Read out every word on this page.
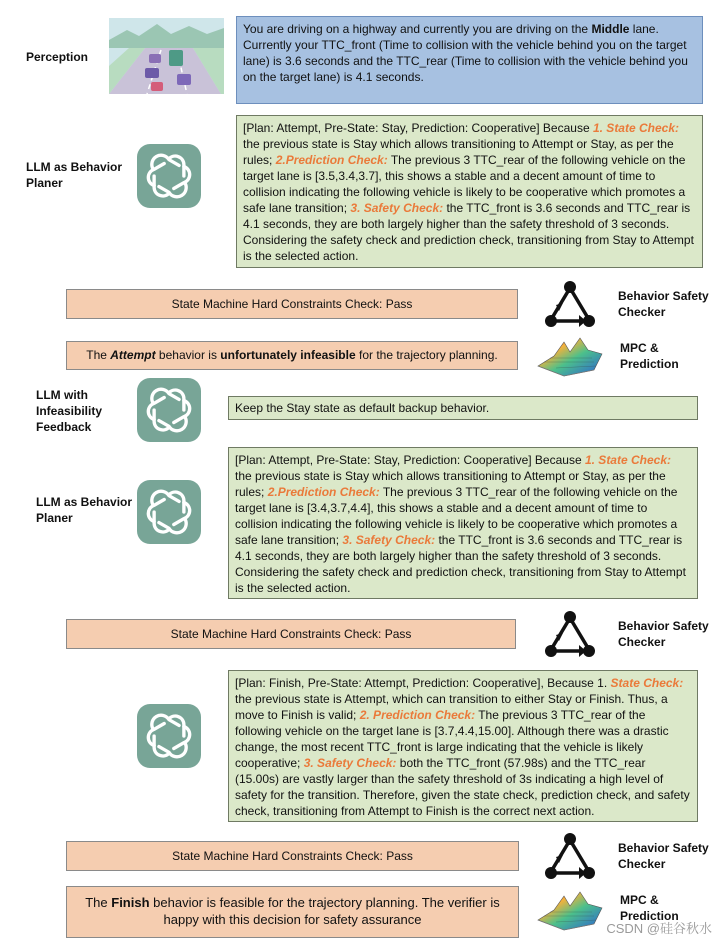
Perception
You are driving on a highway and currently you are driving on the Middle lane. Currently your TTC_front (Time to collision with the vehicle behind you on the target lane) is 3.6 seconds and the TTC_rear (Time to collision with the vehicle behind you on the target lane) is 4.1 seconds.
LLM as Behavior Planer
[Plan: Attempt, Pre-State: Stay, Prediction: Cooperative] Because 1. State Check: the previous state is Stay which allows transitioning to Attempt or Stay, as per the rules; 2.Prediction Check: The previous 3 TTC_rear of the following vehicle on the target lane is [3.5,3.4,3.7], this shows a stable and a decent amount of time to collision indicating the following vehicle is likely to be cooperative which promotes a safe lane transition; 3. Safety Check: the TTC_front is 3.6 seconds and TTC_rear is 4.1 seconds, they are both largely higher than the safety threshold of 3 seconds. Considering the safety check and prediction check, transitioning from Stay to Attempt is the selected action.
State Machine Hard Constraints Check: Pass
Behavior Safety Checker
The Attempt behavior is unfortunately infeasible for the trajectory planning.	MPC & Prediction
LLM with Infeasibility Feedback
Keep the Stay state as default backup behavior.
LLM as Behavior Planer
[Plan: Attempt, Pre-State: Stay, Prediction: Cooperative] Because 1. State Check: the previous state is Stay which allows transitioning to Attempt or Stay, as per the rules; 2.Prediction Check: The previous 3 TTC_rear of the following vehicle on the target lane is [3.4,3.7,4.4], this shows a stable and a decent amount of time to collision indicating the following vehicle is likely to be cooperative which promotes a safe lane transition; 3. Safety Check: the TTC_front is 3.6 seconds and TTC_rear is 4.1 seconds, they are both largely higher than the safety threshold of 3 seconds. Considering the safety check and prediction check, transitioning from Stay to Attempt is the selected action.
State Machine Hard Constraints Check: Pass
Behavior Safety Checker
[Plan: Finish, Pre-State: Attempt, Prediction: Cooperative], Because 1. State Check: the previous state is Attempt, which can transition to either Stay or Finish. Thus, a move to Finish is valid; 2. Prediction Check: The previous 3 TTC_rear of the following vehicle on the target lane is [3.7,4.4,15.00]. Although there was a drastic change, the most recent TTC_front is large indicating that the vehicle is likely cooperative; 3. Safety Check: both the TTC_front (57.98s) and the TTC_rear (15.00s) are vastly larger than the safety threshold of 3s indicating a high level of safety for the transition. Therefore, given the state check, prediction check, and safety check, transitioning from Attempt to Finish is the correct next action.
State Machine Hard Constraints Check: Pass
Behavior Safety Checker
The Finish behavior is feasible for the trajectory planning. The verifier is happy with this decision for safety assurance
MPC & Prediction
CSDN @硅谷秋水
